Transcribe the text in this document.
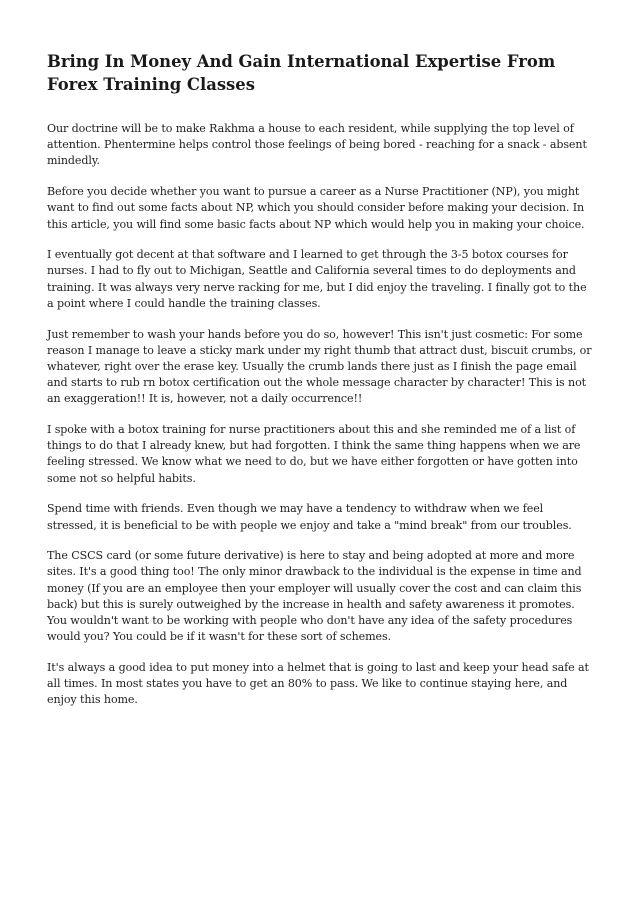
Bring In Money And Gain International Expertise From Forex Training Classes

Our doctrine will be to make Rakhma a house to each resident, while supplying the top level of attention. Phentermine helps control those feelings of being bored - reaching for a snack - absent mindedly.

Before you decide whether you want to pursue a career as a Nurse Practitioner (NP), you might want to find out some facts about NP, which you should consider before making your decision. In this article, you will find some basic facts about NP which would help you in making your choice.

I eventually got decent at that software and I learned to get through the 3-5 botox courses for nurses. I had to fly out to Michigan, Seattle and California several times to do deployments and training. It was always very nerve racking for me, but I did enjoy the traveling. I finally got to the a point where I could handle the training classes.

Just remember to wash your hands before you do so, however! This isn't just cosmetic: For some reason I manage to leave a sticky mark under my right thumb that attract dust, biscuit crumbs, or whatever, right over the erase key. Usually the crumb lands there just as I finish the page email and starts to rub rn botox certification out the whole message character by character! This is not an exaggeration!! It is, however, not a daily occurrence!!

I spoke with a botox training for nurse practitioners about this and she reminded me of a list of things to do that I already knew, but had forgotten. I think the same thing happens when we are feeling stressed. We know what we need to do, but we have either forgotten or have gotten into some not so helpful habits.

Spend time with friends. Even though we may have a tendency to withdraw when we feel stressed, it is beneficial to be with people we enjoy and take a "mind break" from our troubles.

The CSCS card (or some future derivative) is here to stay and being adopted at more and more sites. It's a good thing too! The only minor drawback to the individual is the expense in time and money (If you are an employee then your employer will usually cover the cost and can claim this back) but this is surely outweighed by the increase in health and safety awareness it promotes. You wouldn't want to be working with people who don't have any idea of the safety procedures would you? You could be if it wasn't for these sort of schemes.

It's always a good idea to put money into a helmet that is going to last and keep your head safe at all times. In most states you have to get an 80% to pass. We like to continue staying here, and enjoy this home.
